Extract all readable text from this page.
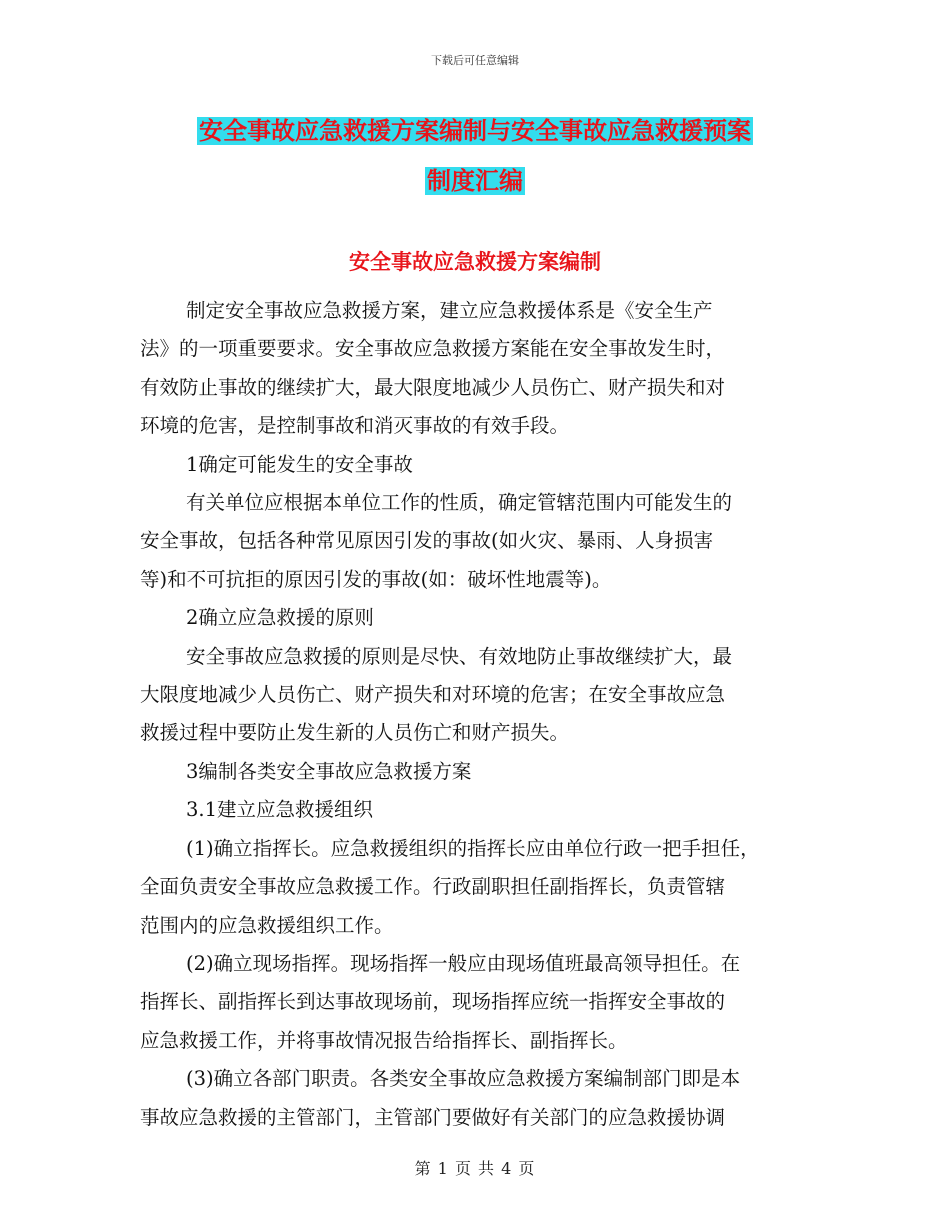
下载后可任意编辑
安全事故应急救援方案编制与安全事故应急救援预案
制度汇编
安全事故应急救援方案编制

制定安全事故应急救援方案，建立应急救援体系是《安全生产

法》的一项重要要求。安全事故应急救援方案能在安全事故发生时，

有效防止事故的继续扩大，最大限度地减少人员伤亡、财产损失和对

环境的危害，是控制事故和消灭事故的有效手段。

1确定可能发生的安全事故

有关单位应根据本单位工作的性质，确定管辖范围内可能发生的

安全事故，包括各种常见原因引发的事故(如火灾、暴雨、人身损害

等)和不可抗拒的原因引发的事故(如：破坏性地震等)。

2确立应急救援的原则

安全事故应急救援的原则是尽快、有效地防止事故继续扩大，最

大限度地减少人员伤亡、财产损失和对环境的危害；在安全事故应急

救援过程中要防止发生新的人员伤亡和财产损失。

3编制各类安全事故应急救援方案

3.1建立应急救援组织

(1)确立指挥长。应急救援组织的指挥长应由单位行政一把手担任，

全面负责安全事故应急救援工作。行政副职担任副指挥长，负责管辖

范围内的应急救援组织工作。

(2)确立现场指挥。现场指挥一般应由现场值班最高领导担任。在

指挥长、副指挥长到达事故现场前，现场指挥应统一指挥安全事故的

应急救援工作，并将事故情况报告给指挥长、副指挥长。

(3)确立各部门职责。各类安全事故应急救援方案编制部门即是本

事故应急救援的主管部门，主管部门要做好有关部门的应急救援协调

第 1 页 共 4 页
